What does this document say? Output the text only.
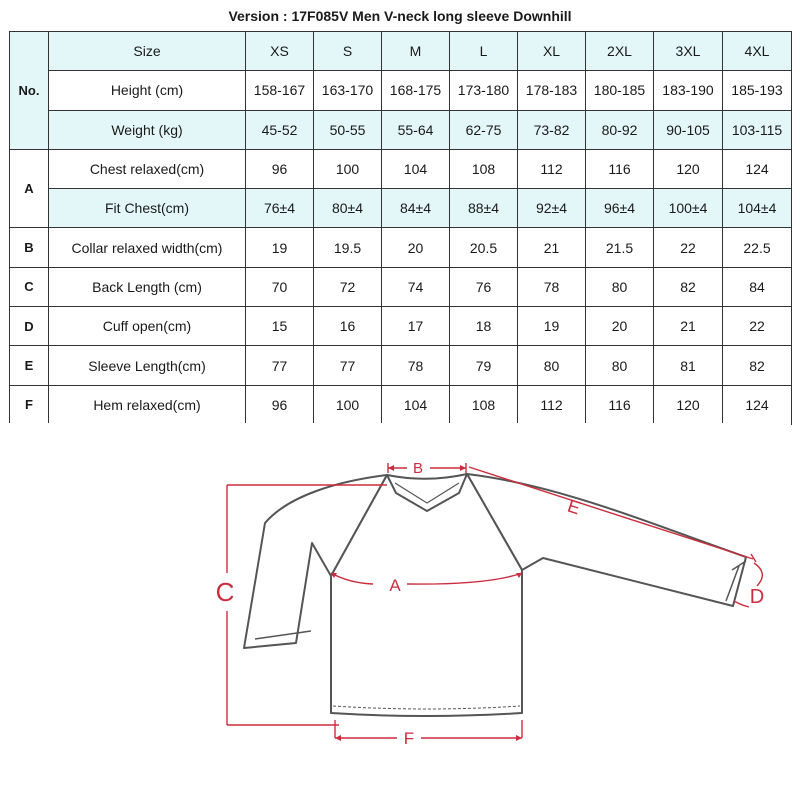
Version : 17F085V Men V-neck long sleeve Downhill
No.	Size	XS	S	M	L	XL	2XL	3XL	4XL
	Height (cm)	158-167	163-170	168-175	173-180	178-183	180-185	183-190	185-193
	Weight (kg)	45-52	50-55	55-64	62-75	73-82	80-92	90-105	103-115
A	Chest relaxed(cm)	96	100	104	108	112	116	120	124
	Fit Chest(cm)	76±4	80±4	84±4	88±4	92±4	96±4	100±4	104±4
B	Collar relaxed width(cm)	19	19.5	20	20.5	21	21.5	22	22.5
C	Back Length (cm)	70	72	74	76	78	80	82	84
D	Cuff open(cm)	15	16	17	18	19	20	21	22
E	Sleeve Length(cm)	77	77	78	79	80	80	81	82
F	Hem relaxed(cm)	96	100	104	108	112	116	120	124
B
C
E
A
D
F
